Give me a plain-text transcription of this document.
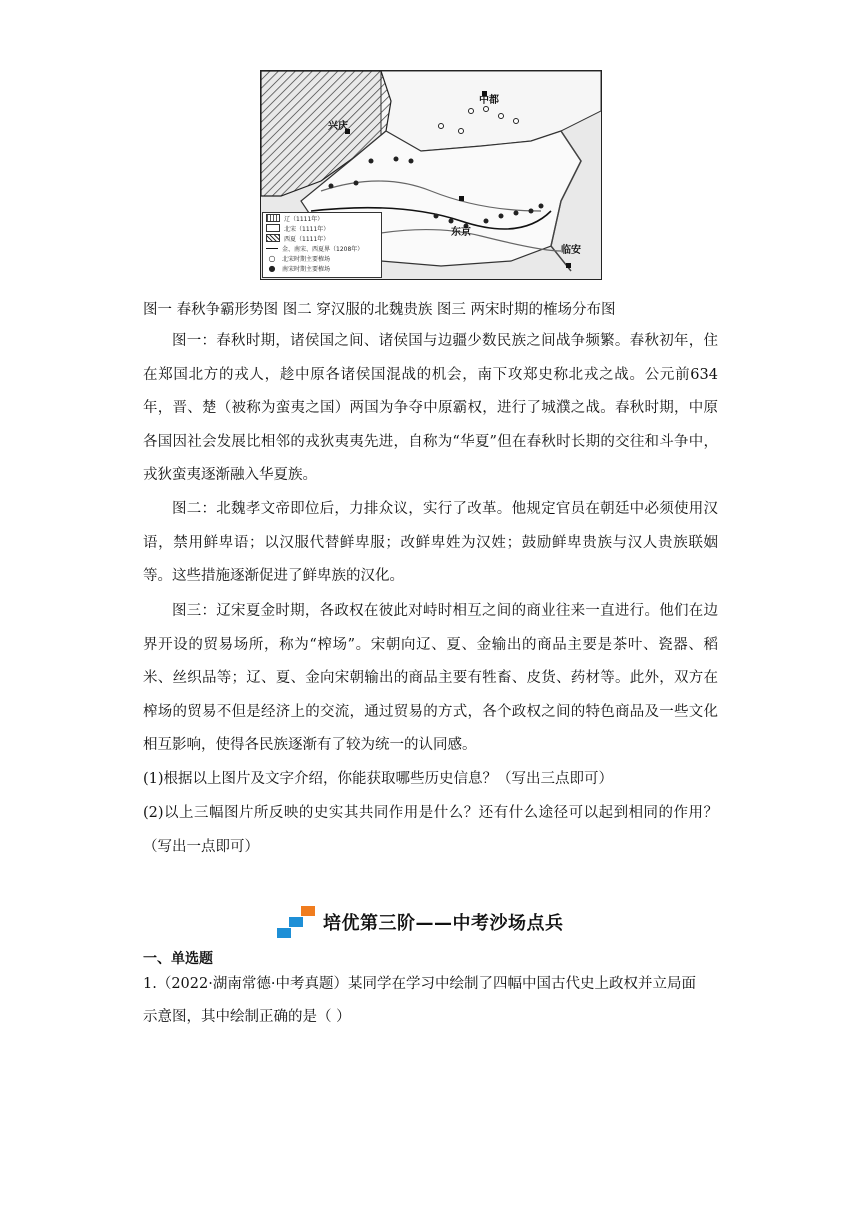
中都
兴庆
东京
临安
辽（1111年）
北宋（1111年）
西夏（1111年）
金、南宋、西夏界（1208年）
○	北宋时期主要榷场
●	南宋时期主要榷场
图一 春秋争霸形势图 图二 穿汉服的北魏贵族 图三 两宋时期的榷场分布图

图一：春秋时期，诸侯国之间、诸侯国与边疆少数民族之间战争频繁。春秋初年，住在郑国北方的戎人，趁中原各诸侯国混战的机会，南下攻郑史称北戎之战。公元前634年，晋、楚（被称为蛮夷之国）两国为争夺中原霸权，进行了城濮之战。春秋时期，中原各国因社会发展比相邻的戎狄夷夷先进，自称为“华夏”但在春秋时长期的交往和斗争中，戎狄蛮夷逐渐融入华夏族。

图二：北魏孝文帝即位后，力排众议，实行了改革。他规定官员在朝廷中必须使用汉语，禁用鲜卑语；以汉服代替鲜卑服；改鲜卑姓为汉姓；鼓励鲜卑贵族与汉人贵族联姻等。这些措施逐渐促进了鲜卑族的汉化。

图三：辽宋夏金时期，各政权在彼此对峙时相互之间的商业往来一直进行。他们在边界开设的贸易场所，称为“榨场”。宋朝向辽、夏、金输出的商品主要是茶叶、瓷器、稻米、丝织品等；辽、夏、金向宋朝输出的商品主要有牲畜、皮货、药材等。此外，双方在榨场的贸易不但是经济上的交流，通过贸易的方式，各个政权之间的特色商品及一些文化相互影响，使得各民族逐渐有了较为统一的认同感。

(1)根据以上图片及文字介绍，你能获取哪些历史信息？（写出三点即可）

(2)以上三幅图片所反映的史实其共同作用是什么？还有什么途径可以起到相同的作用？（写出一点即可）

培优第三阶——中考沙场点兵
一、单选题

1.（2022·湖南常德·中考真题）某同学在学习中绘制了四幅中国古代史上政权并立局面

示意图，其中绘制正确的是（ ）
